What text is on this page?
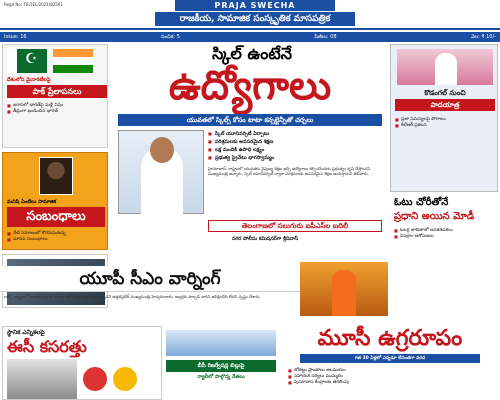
Regd No: TELTEL/2021/82561	PRAJA SWECHA
రాజకీయ, సామాజిక సంస్కృతిక మాసపత్రిక
Issue: 16	సంచిక: 5	పేజీలు: 08	వెల: ₹ 10/-
☪
దేశంలోని మైనారిటీలపై
పాక్ ప్రేలాపనలు
■ ఐరాసలో భారత్‌పై మళ్లీ విషం
■ తీవ్రంగా ఖండించిన భారత్
మనిషి ఏంటిలు సామాజిక
సంబంధాలు
■ నేటి సమాజంలో కొరవడుతున్న
■ మానవ సంబంధాలు
స్కిల్ ఉంటేనే
ఉద్యోగాలు
యువతలో స్కిల్స్ కోసం టాటా కన్సల్టెన్సీతో చర్చలు
■ స్కిల్ యూనివర్సిటీ ఏర్పాటు
■ పరిశ్రమలకు అవసరమైన శిక్షణ
■ లక్ష మందికి ఉపాధి లక్ష్యం
■ ప్రభుత్వ ప్రైవేటు భాగస్వామ్యం
హైదరాబాద్: రాష్ట్రంలో యువతకు నైపుణ్య శిక్షణ ఇచ్చి ఉద్యోగాలు కల్పించేందుకు ప్రభుత్వం కృషి చేస్తోందని ముఖ్యమంత్రి అన్నారు. స్కిల్ యూనివర్సిటీ ద్వారా పరిశ్రమలకు అవసరమైన శిక్షణ అందిస్తామని తెలిపారు.
తెలంగాణలో సలుగురు ఐపీఎస్‌ల బదిలీ
నగర పోలీసు కమిషనర్‌గా శ్రీనివాస్
కొడంగల్ నుంచి
పాదయాత్ర
■ ప్రజా సమస్యలపై పోరాటం
■ కేటీఆర్ ప్రకటన
ఓటు చోరీతోనే
ప్రధాని అయిన మోడీ
■ ఓటర్ల జాబితాలో అవకతవకలు
■ విపక్షాల ఆరోపణలు
యూపీ సీఎం వార్నింగ్
లక్నో: రాష్ట్రంలో శాంతిభద్రతలకు భంగం కలిగిస్తే కఠిన చర్యలు తప్పవని ఉత్తరప్రదేశ్ ముఖ్యమంత్రి హెచ్చరించారు. అల్లర్లకు పాల్పడే వారిని ఉపేక్షించేది లేదని స్పష్టం చేశారు.
స్థానిక ఎన్నికలపై
ఈసీ కసరత్తు
బీసీ రిజర్వేషన్ల బిల్లుపై
ర్యాలీలో పాల్గొన్న నేతలు
మూసీ ఉగ్రరూపం
గత 30 ఏళ్లలో ఎన్నడూ లేనంతగా వరద
■ లోతట్టు ప్రాంతాలు జలమయం
■ సహాయక చర్యలు ముమ్మరం
■ పునరావాస కేంద్రాలకు తరలింపు
